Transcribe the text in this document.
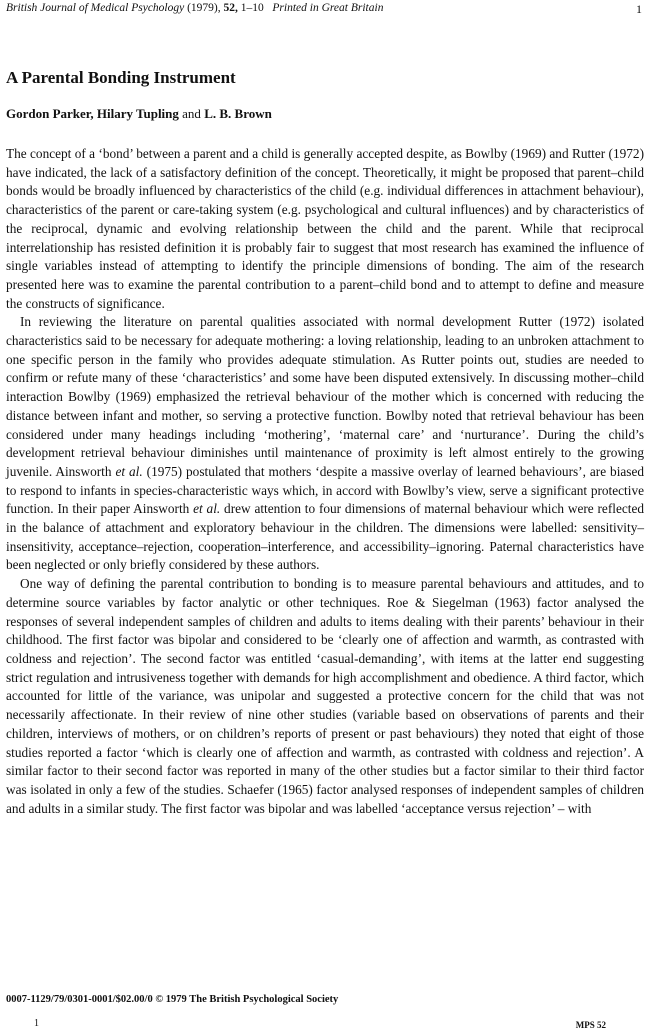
British Journal of Medical Psychology (1979), 52, 1–10 Printed in Great Britain	1
A Parental Bonding Instrument
Gordon Parker, Hilary Tupling and L. B. Brown

The concept of a ‘bond’ between a parent and a child is generally accepted despite, as Bowlby (1969) and Rutter (1972) have indicated, the lack of a satisfactory definition of the concept. Theoretically, it might be proposed that parent–child bonds would be broadly influenced by characteristics of the child (e.g. individual differences in attachment behaviour), characteristics of the parent or care-taking system (e.g. psychological and cultural influences) and by characteristics of the reciprocal, dynamic and evolving relationship between the child and the parent. While that reciprocal interrelationship has resisted definition it is probably fair to suggest that most research has examined the influence of single variables instead of attempting to identify the principle dimensions of bonding. The aim of the research presented here was to examine the parental contribution to a parent–child bond and to attempt to define and measure the constructs of significance.

In reviewing the literature on parental qualities associated with normal development Rutter (1972) isolated characteristics said to be necessary for adequate mothering: a loving relationship, leading to an unbroken attachment to one specific person in the family who provides adequate stimulation. As Rutter points out, studies are needed to confirm or refute many of these ‘characteristics’ and some have been disputed extensively. In discussing mother–child interaction Bowlby (1969) emphasized the retrieval behaviour of the mother which is concerned with reducing the distance between infant and mother, so serving a protective function. Bowlby noted that retrieval behaviour has been considered under many headings including ‘mothering’, ‘maternal care’ and ‘nurturance’. During the child’s development retrieval behaviour diminishes until maintenance of proximity is left almost entirely to the growing juvenile. Ainsworth et al. (1975) postulated that mothers ‘despite a massive overlay of learned behaviours’, are biased to respond to infants in species-characteristic ways which, in accord with Bowlby’s view, serve a significant protective function. In their paper Ainsworth et al. drew attention to four dimensions of maternal behaviour which were reflected in the balance of attachment and exploratory behaviour in the children. The dimensions were labelled: sensitivity–insensitivity, acceptance–rejection, cooperation–interference, and accessibility–ignoring. Paternal characteristics have been neglected or only briefly considered by these authors.

One way of defining the parental contribution to bonding is to measure parental behaviours and attitudes, and to determine source variables by factor analytic or other techniques. Roe & Siegelman (1963) factor analysed the responses of several independent samples of children and adults to items dealing with their parents’ behaviour in their childhood. The first factor was bipolar and considered to be ‘clearly one of affection and warmth, as contrasted with coldness and rejection’. The second factor was entitled ‘casual-demanding’, with items at the latter end suggesting strict regulation and intrusiveness together with demands for high accomplishment and obedience. A third factor, which accounted for little of the variance, was unipolar and suggested a protective concern for the child that was not necessarily affectionate. In their review of nine other studies (variable based on observations of parents and their children, interviews of mothers, or on children’s reports of present or past behaviours) they noted that eight of those studies reported a factor ‘which is clearly one of affection and warmth, as contrasted with coldness and rejection’. A similar factor to their second factor was reported in many of the other studies but a factor similar to their third factor was isolated in only a few of the studies. Schaefer (1965) factor analysed responses of independent samples of children and adults in a similar study. The first factor was bipolar and was labelled ‘acceptance versus rejection’ – with

0007-1129/79/0301-0001/$02.00/0 © 1979 The British Psychological Society
1	MPS 52
